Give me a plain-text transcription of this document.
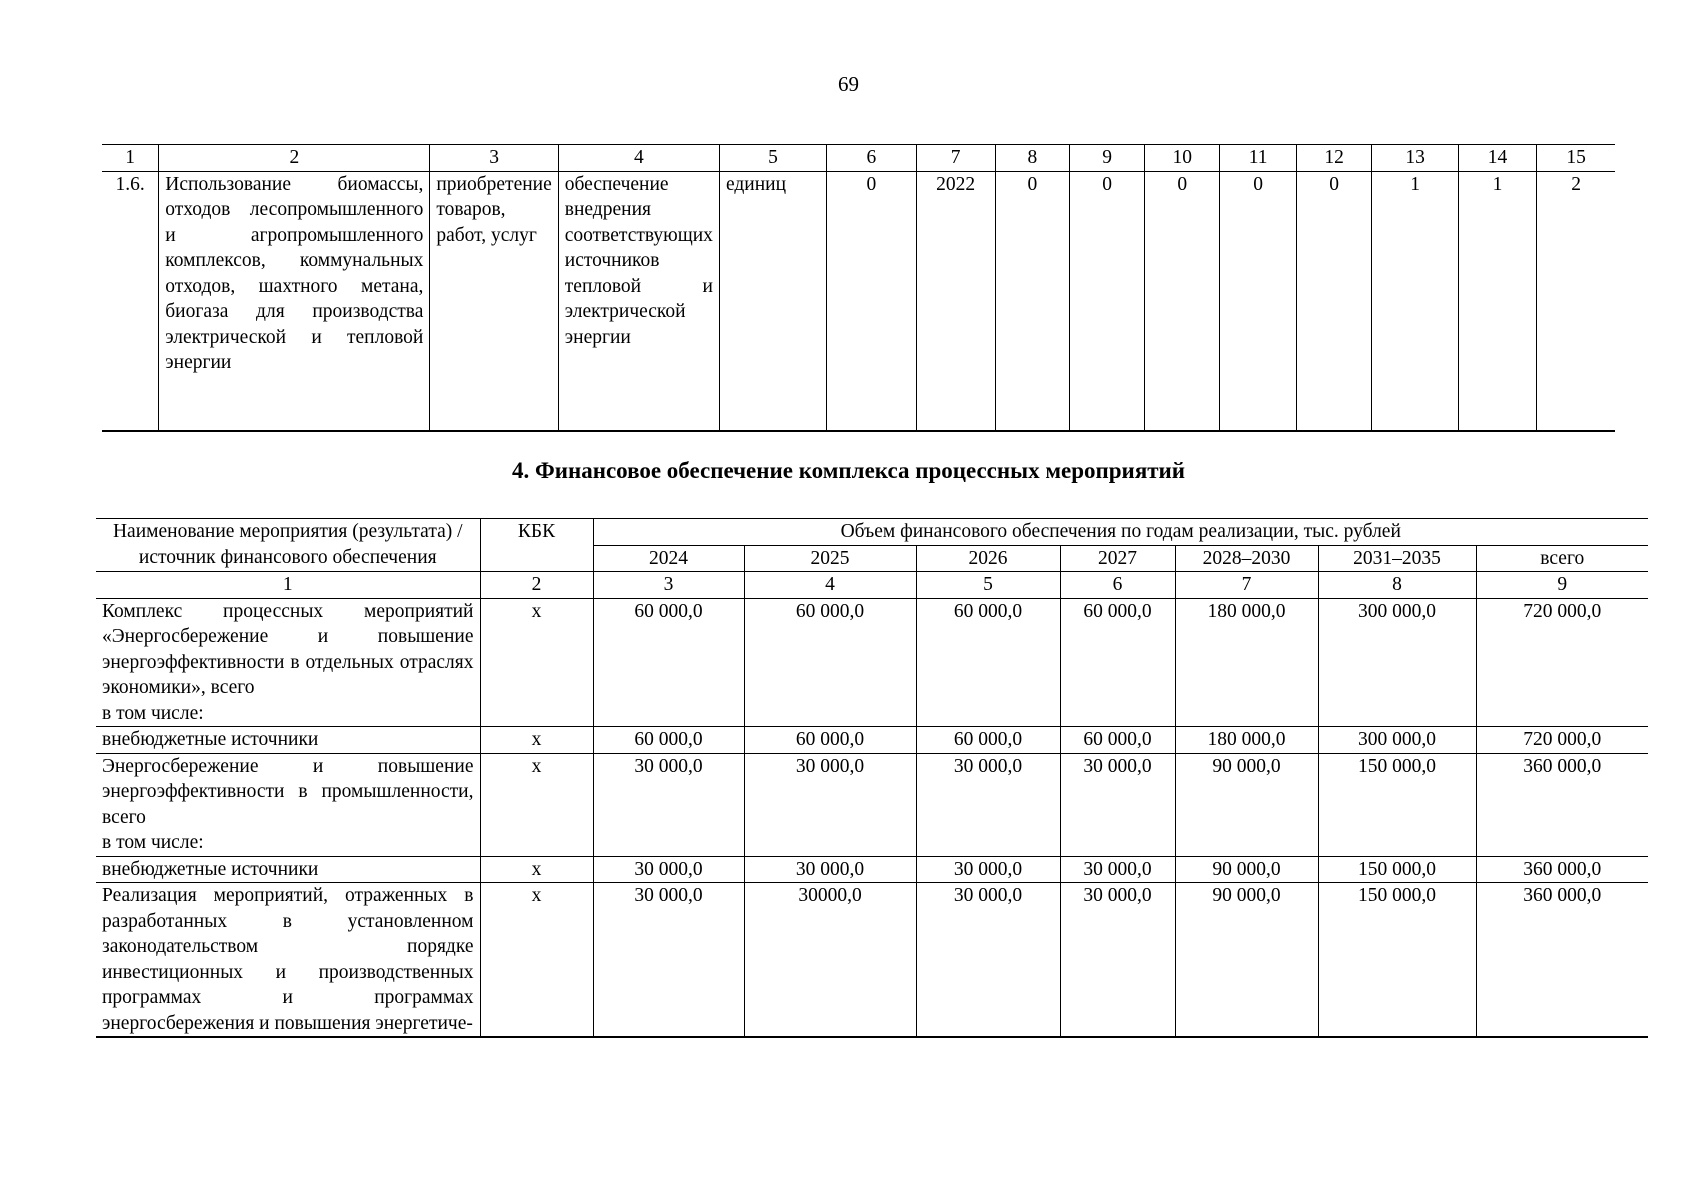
69
1	2	3	4	5	6	7	8	9	10	11	12	13	14	15
1.6.	Использование биомассы, отходов лесопромышленного и агропромышленного комплексов, коммунальных отходов, шахтного метана, биогаза для производства электрической и тепловой энергии	приобретение товаров, работ, услуг	обеспечение внедрения соответствующих источников тепловой и электрической энергии	единиц	0	2022	0	0	0	0	0	1	1	2
4. Финансовое обеспечение комплекса процессных мероприятий
Наименование мероприятия (результата) / источник финансового обеспечения	КБК	Объем финансового обеспечения по годам реализации, тыс. рублей						
		2024	2025	2026	2027	2028–2030	2031–2035	всего
1	2	3	4	5	6	7	8	9
Комплекс процессных мероприятий «Энергосбережение и повышение энергоэффективности в отдельных отраслях экономики», всего
в том числе:	х	60 000,0	60 000,0	60 000,0	60 000,0	180 000,0	300 000,0	720 000,0
внебюджетные источники	х	60 000,0	60 000,0	60 000,0	60 000,0	180 000,0	300 000,0	720 000,0
Энергосбережение и повышение энергоэффективности в промышленности, всего
в том числе:	х	30 000,0	30 000,0	30 000,0	30 000,0	90 000,0	150 000,0	360 000,0
внебюджетные источники	х	30 000,0	30 000,0	30 000,0	30 000,0	90 000,0	150 000,0	360 000,0
Реализация мероприятий, отраженных в разработанных в установленном законодательством порядке инвестиционных и производственных программах и программах энергосбережения и повышения энергетиче-	х	30 000,0	30000,0	30 000,0	30 000,0	90 000,0	150 000,0	360 000,0
